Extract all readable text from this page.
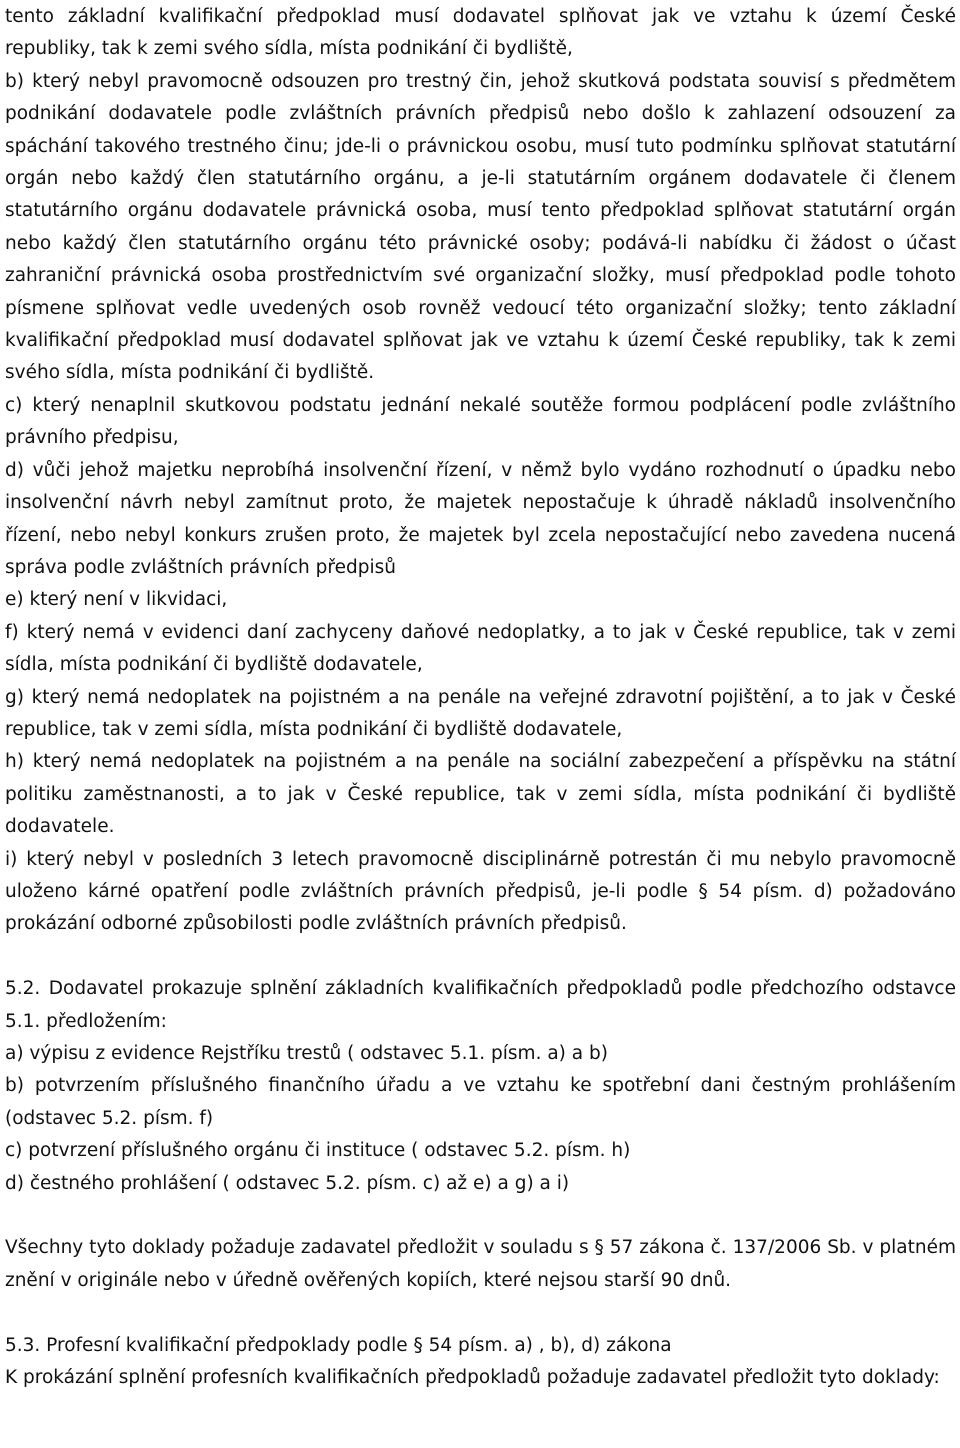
tento základní kvalifikační předpoklad musí dodavatel splňovat jak ve vztahu k území České republiky, tak k zemi svého sídla, místa podnikání či bydliště,

b) který nebyl pravomocně odsouzen pro trestný čin, jehož skutková podstata souvisí s předmětem podnikání dodavatele podle zvláštních právních předpisů nebo došlo k zahlazení odsouzení za spáchání takového trestného činu; jde-li o právnickou osobu, musí tuto podmínku splňovat statutární orgán nebo každý člen statutárního orgánu, a je-li statutárním orgánem dodavatele či členem statutárního orgánu dodavatele právnická osoba, musí tento předpoklad splňovat statutární orgán nebo každý člen statutárního orgánu této právnické osoby; podává-li nabídku či žádost o účast zahraniční právnická osoba prostřednictvím své organizační složky, musí předpoklad podle tohoto písmene splňovat vedle uvedených osob rovněž vedoucí této organizační složky; tento základní kvalifikační předpoklad musí dodavatel splňovat jak ve vztahu k území České republiky, tak k zemi svého sídla, místa podnikání či bydliště.

c) který nenaplnil skutkovou podstatu jednání nekalé soutěže formou podplácení podle zvláštního právního předpisu,

d) vůči jehož majetku neprobíhá insolvenční řízení, v němž bylo vydáno rozhodnutí o úpadku nebo insolvenční návrh nebyl zamítnut proto, že majetek nepostačuje k úhradě nákladů insolvenčního řízení, nebo nebyl konkurs zrušen proto, že majetek byl zcela nepostačující nebo zavedena nucená správa podle zvláštních právních předpisů

e) který není v likvidaci,

f) který nemá v evidenci daní zachyceny daňové nedoplatky, a to jak v České republice, tak v zemi sídla, místa podnikání či bydliště dodavatele,

g) který nemá nedoplatek na pojistném a na penále na veřejné zdravotní pojištění, a to jak v České republice, tak v zemi sídla, místa podnikání či bydliště dodavatele,

h) který nemá nedoplatek na pojistném a na penále na sociální zabezpečení a příspěvku na státní politiku zaměstnanosti, a to jak v České republice, tak v zemi sídla, místa podnikání či bydliště dodavatele.

i) který nebyl v posledních 3 letech pravomocně disciplinárně potrestán či mu nebylo pravomocně uloženo kárné opatření podle zvláštních právních předpisů, je-li podle § 54 písm. d) požadováno prokázání odborné způsobilosti podle zvláštních právních předpisů.

5.2. Dodavatel prokazuje splnění základních kvalifikačních předpokladů podle předchozího odstavce 5.1. předložením:

a) výpisu z evidence Rejstříku trestů ( odstavec 5.1. písm. a) a b)

b) potvrzením příslušného finančního úřadu a ve vztahu ke spotřební dani čestným prohlášením (odstavec 5.2. písm. f)

c) potvrzení příslušného orgánu či instituce ( odstavec 5.2. písm. h)

d) čestného prohlášení ( odstavec 5.2. písm. c) až e) a g) a i)

Všechny tyto doklady požaduje zadavatel předložit v souladu s § 57 zákona č. 137/2006 Sb. v platném znění v originále nebo v úředně ověřených kopiích, které nejsou starší 90 dnů.

5.3. Profesní kvalifikační předpoklady podle § 54 písm. a) , b), d) zákona

K prokázání splnění profesních kvalifikačních předpokladů požaduje zadavatel předložit tyto doklady:
